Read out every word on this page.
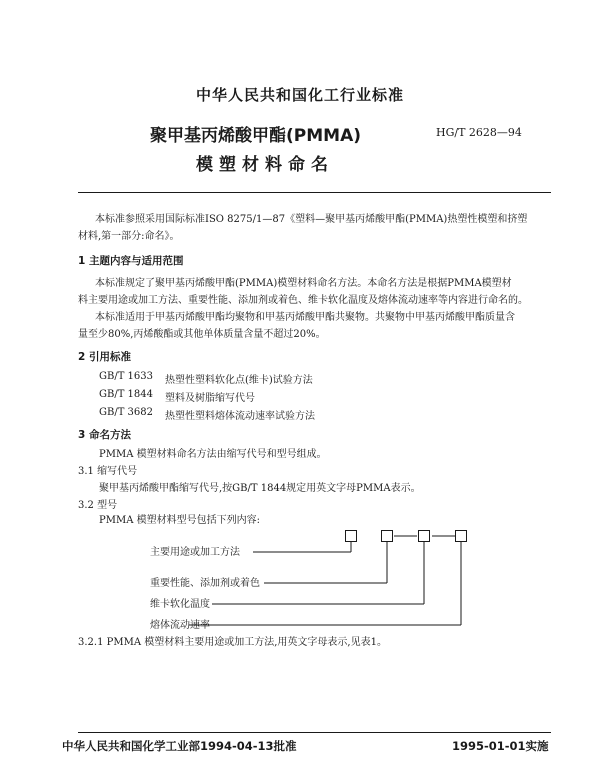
中华人民共和国化工行业标准
聚甲基丙烯酸甲酯(PMMA)
模塑材料命名
HG/T 2628—94
本标准参照采用国际标准ISO 8275/1—87《塑料—聚甲基丙烯酸甲酯(PMMA)热塑性模塑和挤塑
材料,第一部分:命名》。
1 主题内容与适用范围
本标准规定了聚甲基丙烯酸甲酯(PMMA)模塑材料命名方法。本命名方法是根据PMMA模塑材
料主要用途或加工方法、重要性能、添加剂或着色、维卡软化温度及熔体流动速率等内容进行命名的。
本标准适用于甲基丙烯酸甲酯均聚物和甲基丙烯酸甲酯共聚物。共聚物中甲基丙烯酸甲酯质量含
量至少80%,丙烯酸酯或其他单体质量含量不超过20%。
2 引用标准
GB/T 1633 热塑性塑料软化点(维卡)试验方法
GB/T 1844 塑料及树脂缩写代号
GB/T 3682 热塑性塑料熔体流动速率试验方法
3 命名方法
PMMA 模塑材料命名方法由缩写代号和型号组成。
3.1 缩写代号
聚甲基丙烯酸甲酯缩写代号,按GB/T 1844规定用英文字母PMMA表示。
3.2 型号
PMMA 模塑材料型号包括下列内容:
主要用途或加工方法
重要性能、添加剂或着色
维卡软化温度
熔体流动速率
3.2.1 PMMA 模塑材料主要用途或加工方法,用英文字母表示,见表1。
中华人民共和国化学工业部1994-04-13批准	1995-01-01实施
